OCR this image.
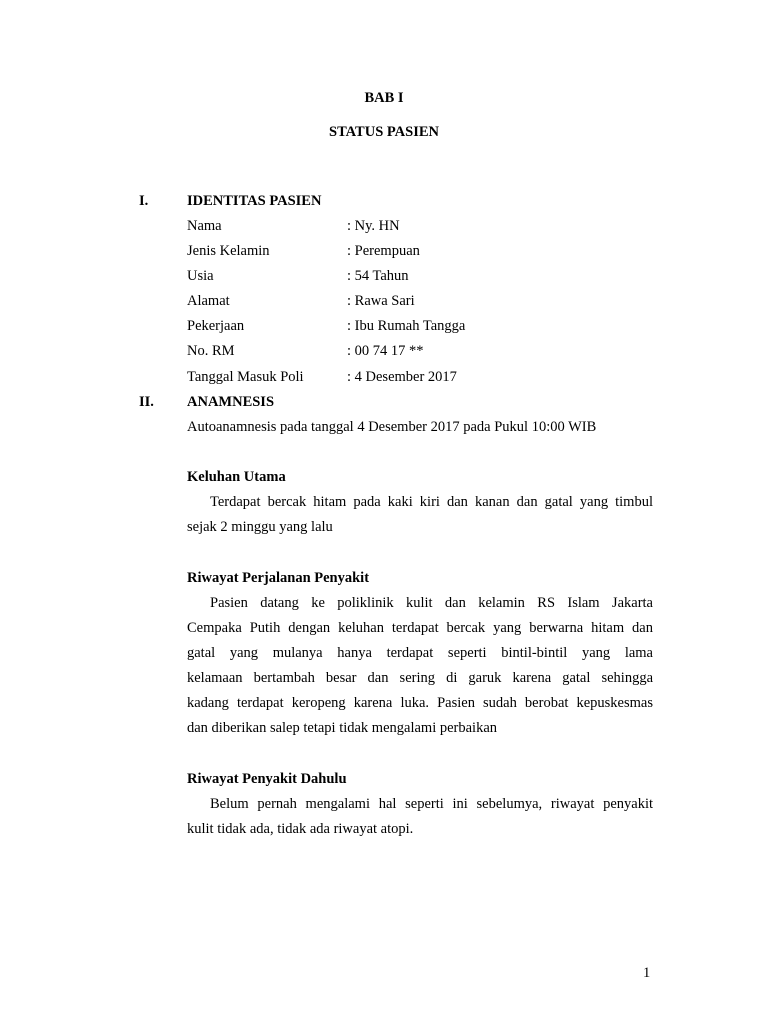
BAB I
STATUS PASIEN
I.	IDENTITAS PASIEN
Nama	: Ny. HN
Jenis Kelamin	: Perempuan
Usia	: 54 Tahun
Alamat	: Rawa Sari
Pekerjaan	: Ibu Rumah Tangga
No. RM	: 00 74 17 **
Tanggal Masuk Poli	: 4 Desember 2017
II. ANAMNESIS
Autoanamnesis pada tanggal 4 Desember 2017 pada Pukul 10:00 WIB
Keluhan Utama
Terdapat bercak hitam pada kaki kiri dan kanan dan gatal yang timbul
sejak 2 minggu yang lalu
Riwayat Perjalanan Penyakit
Pasien datang ke poliklinik kulit dan kelamin RS Islam Jakarta
Cempaka Putih dengan keluhan terdapat bercak yang berwarna hitam dan
gatal yang mulanya hanya terdapat seperti bintil-bintil yang lama
kelamaan bertambah besar dan sering di garuk karena gatal sehingga
kadang terdapat keropeng karena luka. Pasien sudah berobat kepuskesmas
dan diberikan salep tetapi tidak mengalami perbaikan
Riwayat Penyakit Dahulu
Belum pernah mengalami hal seperti ini sebelumya, riwayat penyakit
kulit tidak ada, tidak ada riwayat atopi.
1
